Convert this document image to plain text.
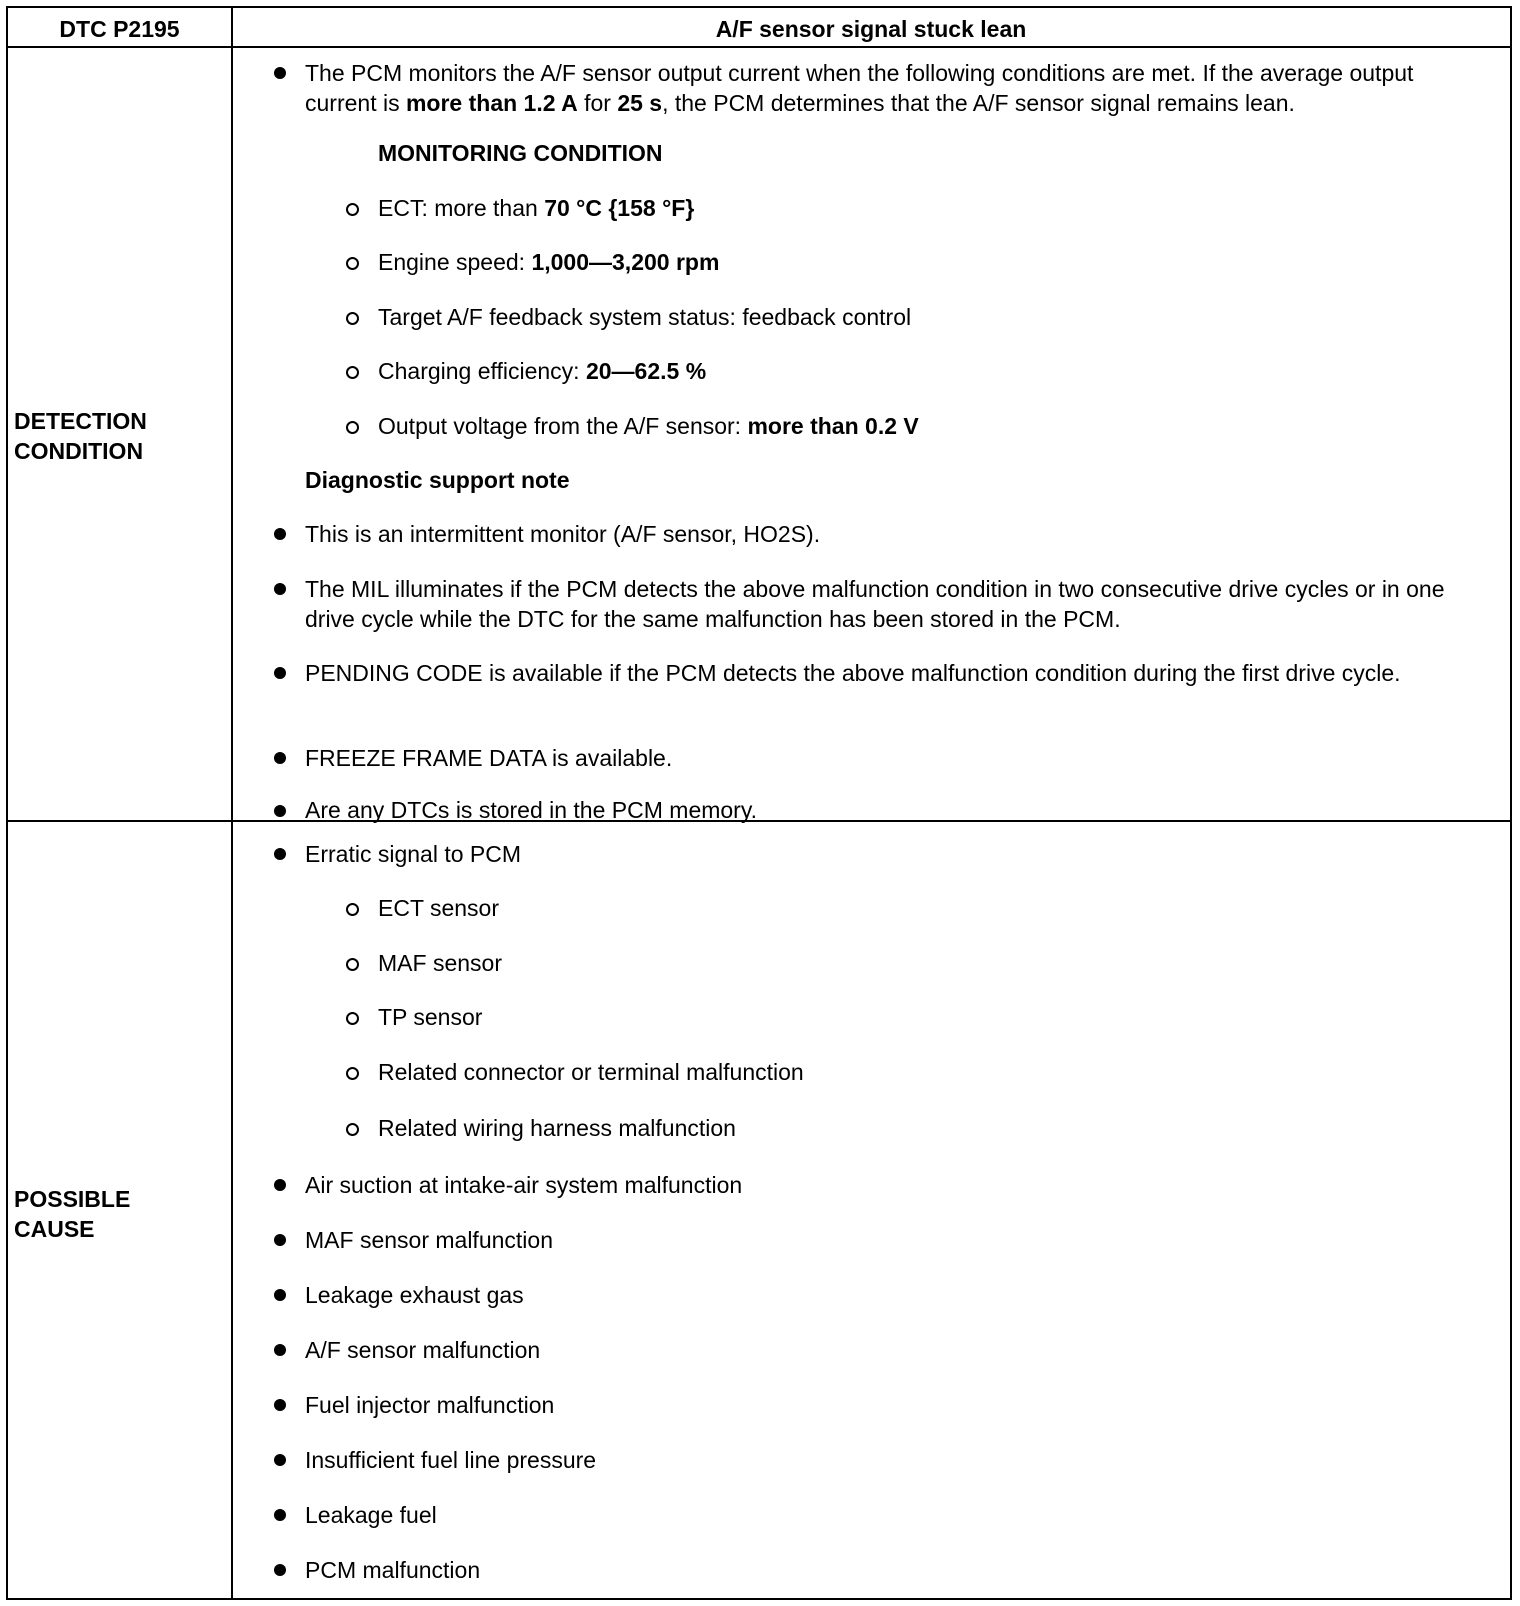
DTC P2195	A/F sensor signal stuck lean
DETECTION
CONDITION
The PCM monitors the A/F sensor output current when the following conditions are met. If the average output current is more than 1.2 A for 25 s, the PCM determines that the A/F sensor signal remains lean.
MONITORING CONDITION
ECT: more than 70 °C {158 °F}
Engine speed: 1,000—3,200 rpm
Target A/F feedback system status: feedback control
Charging efficiency: 20—62.5 %
Output voltage from the A/F sensor: more than 0.2 V
Diagnostic support note
This is an intermittent monitor (A/F sensor, HO2S).
The MIL illuminates if the PCM detects the above malfunction condition in two consecutive drive cycles or in one drive cycle while the DTC for the same malfunction has been stored in the PCM.
PENDING CODE is available if the PCM detects the above malfunction condition during the first drive cycle.
FREEZE FRAME DATA is available.
Are any DTCs is stored in the PCM memory.
POSSIBLE
CAUSE
Erratic signal to PCM
ECT sensor
MAF sensor
TP sensor
Related connector or terminal malfunction
Related wiring harness malfunction
Air suction at intake-air system malfunction
MAF sensor malfunction
Leakage exhaust gas
A/F sensor malfunction
Fuel injector malfunction
Insufficient fuel line pressure
Leakage fuel
PCM malfunction
